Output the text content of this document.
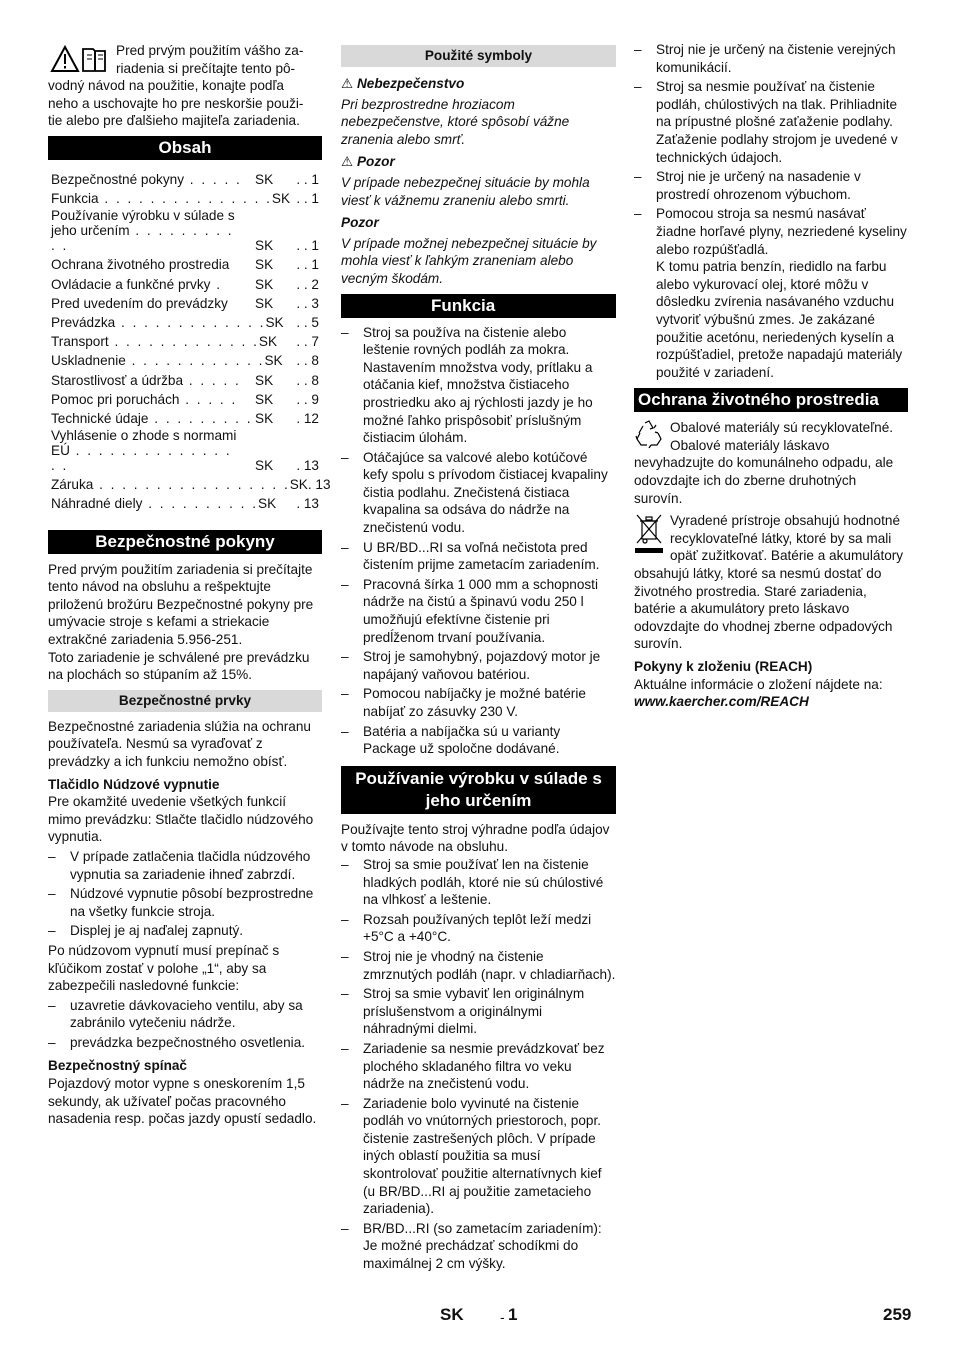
Pred prvým použitím vášho za-

riadenia si prečítajte tento pô-

vodný návod na použitie, konajte podľa

neho a uschovajte ho pre neskoršie použi-

tie alebo pre ďalšieho majiteľa zariadenia.

Obsah
Bezpečnostné pokyny . . . . . SK	. . 1
Funkcia . . . . . . . . . . . . . . . SK . . 1
Používanie výrobku v súlade s jeho určením . . . . . . . . . . .	SK	. . 1
Ochrana životného prostredia	SK	. . 1
Ovládacie a funkčné prvky .	SK	. . 2
Pred uvedením do prevádzky	SK	. . 3
Prevádzka . . . . . . . . . . . . . SK . . 5
Transport . . . . . . . . . . . . . SK	. . 7
Uskladnenie . . . . . . . . . . . . SK	. . 8
Starostlivosť a údržba . . . . .	SK	. . 8
Pomoc pri poruchách . . . . .	SK	. . 9
Technické údaje . . . . . . . . . SK	. 12
Vyhlásenie o zhode s normami EÚ . . . . . . . . . . . . . . . .	SK	. 13
Záruka . . . . . . . . . . . . . . . . . SK . 13
Náhradné diely . . . . . . . . . . SK	. 13
Bezpečnostné pokyny

Pred prvým použitím zariadenia si prečítajte tento návod na obsluhu a rešpektujte priloženú brožúru Bezpečnostné pokyny pre umývacie stroje s kefami a striekacie extrakčné zariadenia 5.956-251.

Toto zariadenie je schválené pre prevádzku na plochách so stúpaním až 15%.

Bezpečnostné prvky

Bezpečnostné zariadenia slúžia na ochranu používateľa. Nesmú sa vyraďovať z prevádzky a ich funkciu nemožno obísť.

Tlačidlo Núdzové vypnutie

Pre okamžité uvedenie všetkých funkcií mimo prevádzku: Stlačte tlačidlo núdzového vypnutia.

– V prípade zatlačenia tlačidla núdzového vypnutia sa zariadenie ihneď zabrzdí.
– Núdzové vypnutie pôsobí bezprostredne na všetky funkcie stroja.
– Displej je aj naďalej zapnutý.

Po núdzovom vypnutí musí prepínač s kľúčikom zostať v polohe „1“, aby sa zabezpečili nasledovné funkcie:

– uzavretie dávkovacieho ventilu, aby sa zabránilo vytečeniu nádrže.
– prevádzka bezpečnostného osvetlenia.

Bezpečnostný spínač

Pojazdový motor vypne s oneskorením 1,5 sekundy, ak užívateľ počas pracovného nasadenia resp. počas jazdy opustí sedadlo.

Použité symboly

⚠ Nebezpečenstvo

Pri bezprostredne hroziacom nebezpečenstve, ktoré spôsobí vážne zranenia alebo smrť.

⚠ Pozor

V prípade nebezpečnej situácie by mohla viesť k vážnemu zraneniu alebo smrti.

Pozor

V prípade možnej nebezpečnej situácie by mohla viesť k ľahkým zraneniam alebo vecným škodám.

Funkcia
– Stroj sa používa na čistenie alebo leštenie rovných podláh za mokra. Nastavením množstva vody, prítlaku a otáčania kief, množstva čistiaceho prostriedku ako aj rýchlosti jazdy je ho možné ľahko prispôsobiť príslušným čistiacim úlohám.
– Otáčajúce sa valcové alebo kotúčové kefy spolu s prívodom čistiacej kvapaliny čistia podlahu. Znečistená čistiaca kvapalina sa odsáva do nádrže na znečistenú vodu.
– U BR/BD...RI sa voľná nečistota pred čistením prijme zametacím zariadením.
– Pracovná šírka 1 000 mm a schopnosti nádrže na čistú a špinavú vodu 250 l umožňujú efektívne čistenie pri predĺženom trvaní používania.
– Stroj je samohybný, pojazdový motor je napájaný vaňovou batériou.
– Pomocou nabíjačky je možné batérie nabíjať zo zásuvky 230 V.
– Batéria a nabíjačka sú u varianty Package už spoločne dodávané.
Používanie výrobku v súlade s jeho určením

Používajte tento stroj výhradne podľa údajov v tomto návode na obsluhu.

– Stroj sa smie používať len na čistenie hladkých podláh, ktoré nie sú chúlostivé na vlhkosť a leštenie.
– Rozsah používaných teplôt leží medzi +5°C a +40°C.
– Stroj nie je vhodný na čistenie zmrznutých podláh (napr. v chladiarňach).
– Stroj sa smie vybaviť len originálnym príslušenstvom a originálnymi náhradnými dielmi.
– Zariadenie sa nesmie prevádzkovať bez plochého skladaného filtra vo veku nádrže na znečistenú vodu.
– Zariadenie bolo vyvinuté na čistenie podláh vo vnútorných priestoroch, popr. čistenie zastrešených plôch. V prípade iných oblastí použitia sa musí skontrolovať použitie alternatívnych kief (u BR/BD...RI aj použitie zametacieho zariadenia).
– BR/BD...RI (so zametacím zariadením): Je možné prechádzať schodíkmi do maximálnej 2 cm výšky.
– Stroj nie je určený na čistenie verejných komunikácií.
– Stroj sa nesmie používať na čistenie podláh, chúlostivých na tlak. Prihliadnite na prípustné plošné zaťaženie podlahy. Zaťaženie podlahy strojom je uvedené v technických údajoch.
– Stroj nie je určený na nasadenie v prostredí ohrozenom výbuchom.
– Pomocou stroja sa nesmú nasávať žiadne horľavé plyny, nezriedené kyseliny alebo rozpúšťadlá.

K tomu patria benzín, riedidlo na farbu alebo vykurovací olej, ktoré môžu v dôsledku zvírenia nasávaného vzduchu vytvoriť výbušnú zmes. Je zakázané použitie acetónu, neriedených kyselín a rozpúšťadiel, pretože napadajú materiály použité v zariadení.

Ochrana životného prostredia

Obalové materiály sú recyklovateľné. Obalové materiály láskavo nevyhadzujte do komunálneho odpadu, ale odovzdajte ich do zberne druhotných surovín.

Vyradené prístroje obsahujú hodnotné recyklovateľné látky, ktoré by sa mali opäť zužitkovať. Batérie a akumulátory obsahujú látky, ktoré sa nesmú dostať do životného prostredia. Staré zariadenia, batérie a akumulátory preto láskavo odovzdajte do vhodnej zberne odpadových surovín.

Pokyny k zloženiu (REACH)

Aktuálne informácie o zložení nájdete na:

www.kaercher.com/REACH

SK	- 1	259
